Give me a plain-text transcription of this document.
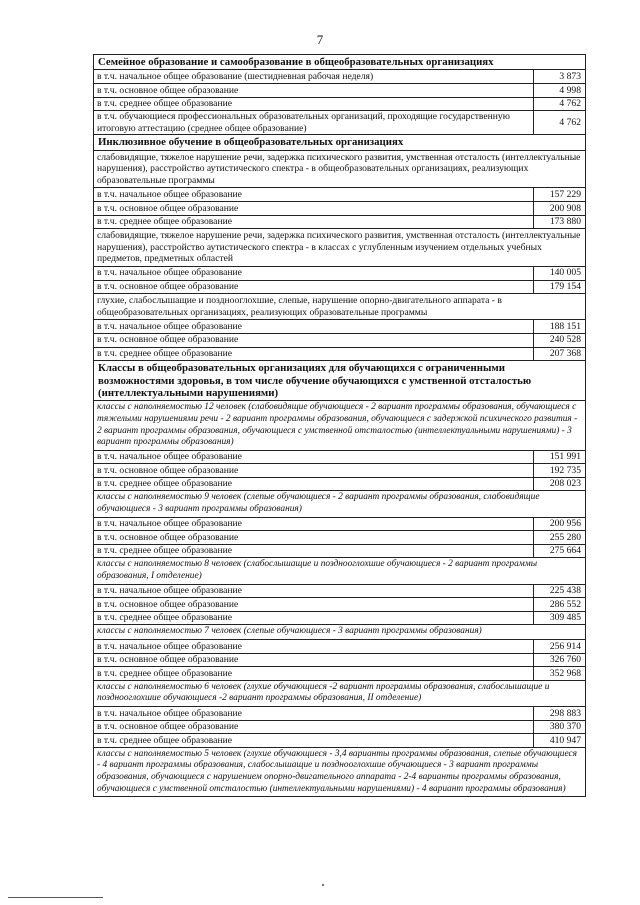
7
Семейное образование и самообразование в общеобразовательных организациях	
в т.ч. начальное общее образование (шестидневная рабочая неделя)	3 873
в т.ч. основное общее образование	4 998
в т.ч. среднее общее образование	4 762
в т.ч. обучающиеся профессиональных образовательных организаций, проходящие государственную итоговую аттестацию (среднее общее образование)	4 762
Инклюзивное обучение в общеобразовательных организациях	
слабовидящие, тяжелое нарушение речи, задержка психического развития, умственная отсталость (интеллектуальные нарушения), расстройство аутистического спектра - в общеобразовательных организациях, реализующих образовательные программы	
в т.ч. начальное общее образование	157 229
в т.ч. основное общее образование	200 908
в т.ч. среднее общее образование	173 880
слабовидящие, тяжелое нарушение речи, задержка психического развития, умственная отсталость (интеллектуальные нарушения), расстройство аутистического спектра - в классах с углубленным изучением отдельных учебных предметов, предметных областей	
в т.ч. начальное общее образование	140 005
в т.ч. основное общее образование	179 154
глухие, слабослышащие и позднооглохшие, слепые, нарушение опорно-двигательного аппарата - в общеобразовательных организациях, реализующих образовательные программы	
в т.ч. начальное общее образование	188 151
в т.ч. основное общее образование	240 528
в т.ч. среднее общее образование	207 368
Классы в общеобразовательных организациях для обучающихся с ограниченными возможностями здоровья, в том числе обучение обучающихся с умственной отсталостью (интеллектуальными нарушениями)	
классы с наполняемостью 12 человек (слабовидящие обучающиеся - 2 вариант программы образования, обучающиеся с тяжелыми нарушениями речи - 2 вариант программы образования, обучающиеся с задержкой психического развития - 2 вариант программы образования, обучающиеся с умственной отсталостью (интеллектуальными нарушениями) - 3 вариант программы образования)	
в т.ч. начальное общее образование	151 991
в т.ч. основное общее образование	192 735
в т.ч. среднее общее образование	208 023
классы с наполняемостью 9 человек (слепые обучающиеся - 2 вариант программы образования, слабовидящие обучающиеся - 3 вариант программы образования)	
в т.ч. начальное общее образование	200 956
в т.ч. основное общее образование	255 280
в т.ч. среднее общее образование	275 664
классы с наполняемостью 8 человек (слабослышащие и позднооглохшие обучающиеся - 2 вариант программы образования, I отделение)	
в т.ч. начальное общее образование	225 438
в т.ч. основное общее образование	286 552
в т.ч. среднее общее образование	309 485
классы с наполняемостью 7 человек (слепые обучающиеся - 3 вариант программы образования)	
в т.ч. начальное общее образование	256 914
в т.ч. основное общее образование	326 760
в т.ч. среднее общее образование	352 968
классы с наполняемостью 6 человек (глухие обучающиеся -2 вариант программы образования, слабослышащие и позднооглохшие обучающиеся -2 вариант программы образования, II отделение)	
в т.ч. начальное общее образование	298 883
в т.ч. основное общее образование	380 370
в т.ч. среднее общее образование	410 947
классы с наполняемостью 5 человек (глухие обучающиеся - 3,4 варианты программы образования, слепые обучающиеся - 4 вариант программы образования, слабослышащие и позднооглохшие обучающиеся - 3 вариант программы образования, обучающиеся с нарушением опорно-двигательного аппарата - 2-4 варианты программы образования, обучающиеся с умственной отсталостью (интеллектуальными нарушениями) - 4 вариант программы образования)	
